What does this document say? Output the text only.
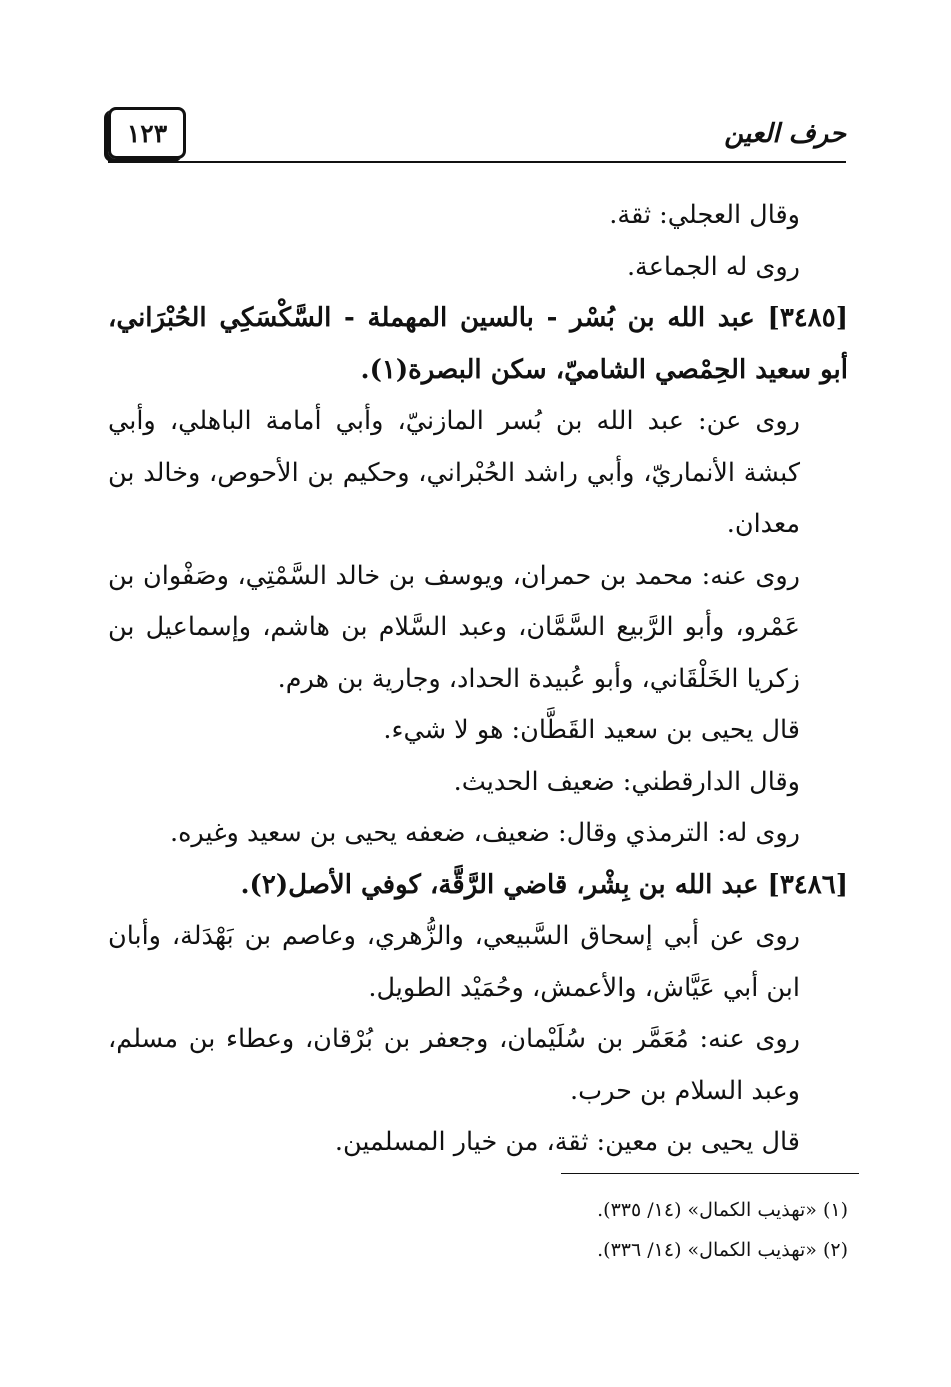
حرف العين
١٢٣

وقال العجلي: ثقة.

روى له الجماعة.

[٣٤٨٥] عبد الله بن بُسْر - بالسين المهملة - السَّكْسَكِي الحُبْرَاني، أبو سعيد الحِمْصي الشاميّ، سكن البصرة(١).

روى عن: عبد الله بن بُسر المازنيّ، وأبي أمامة الباهلي، وأبي كبشة الأنماريّ، وأبي راشد الحُبْراني، وحكيم بن الأحوص، وخالد بن معدان.

روى عنه: محمد بن حمران، ويوسف بن خالد السَّمْتِي، وصَفْوان بن عَمْرو، وأبو الرَّبيع السَّمَّان، وعبد السَّلام بن هاشم، وإسماعيل بن زكريا الخَلْقَاني، وأبو عُبيدة الحداد، وجارية بن هرم.

قال يحيى بن سعيد القَطَّان: هو لا شيء.

وقال الدارقطني: ضعيف الحديث.

روى له: الترمذي وقال: ضعيف، ضعفه يحيى بن سعيد وغيره.

[٣٤٨٦] عبد الله بن بِشْر، قاضي الرَّقَّة، كوفي الأصل(٢).

روى عن أبي إسحاق السَّبيعي، والزُّهري، وعاصم بن بَهْدَلة، وأبان ابن أبي عَيَّاش، والأعمش، وحُمَيْد الطويل.

روى عنه: مُعَمَّر بن سُلَيْمان، وجعفر بن بُرْقان، وعطاء بن مسلم، وعبد السلام بن حرب.

قال يحيى بن معين: ثقة، من خيار المسلمين.

(١) «تهذيب الكمال» (١٤/ ٣٣٥).

(٢) «تهذيب الكمال» (١٤/ ٣٣٦).
